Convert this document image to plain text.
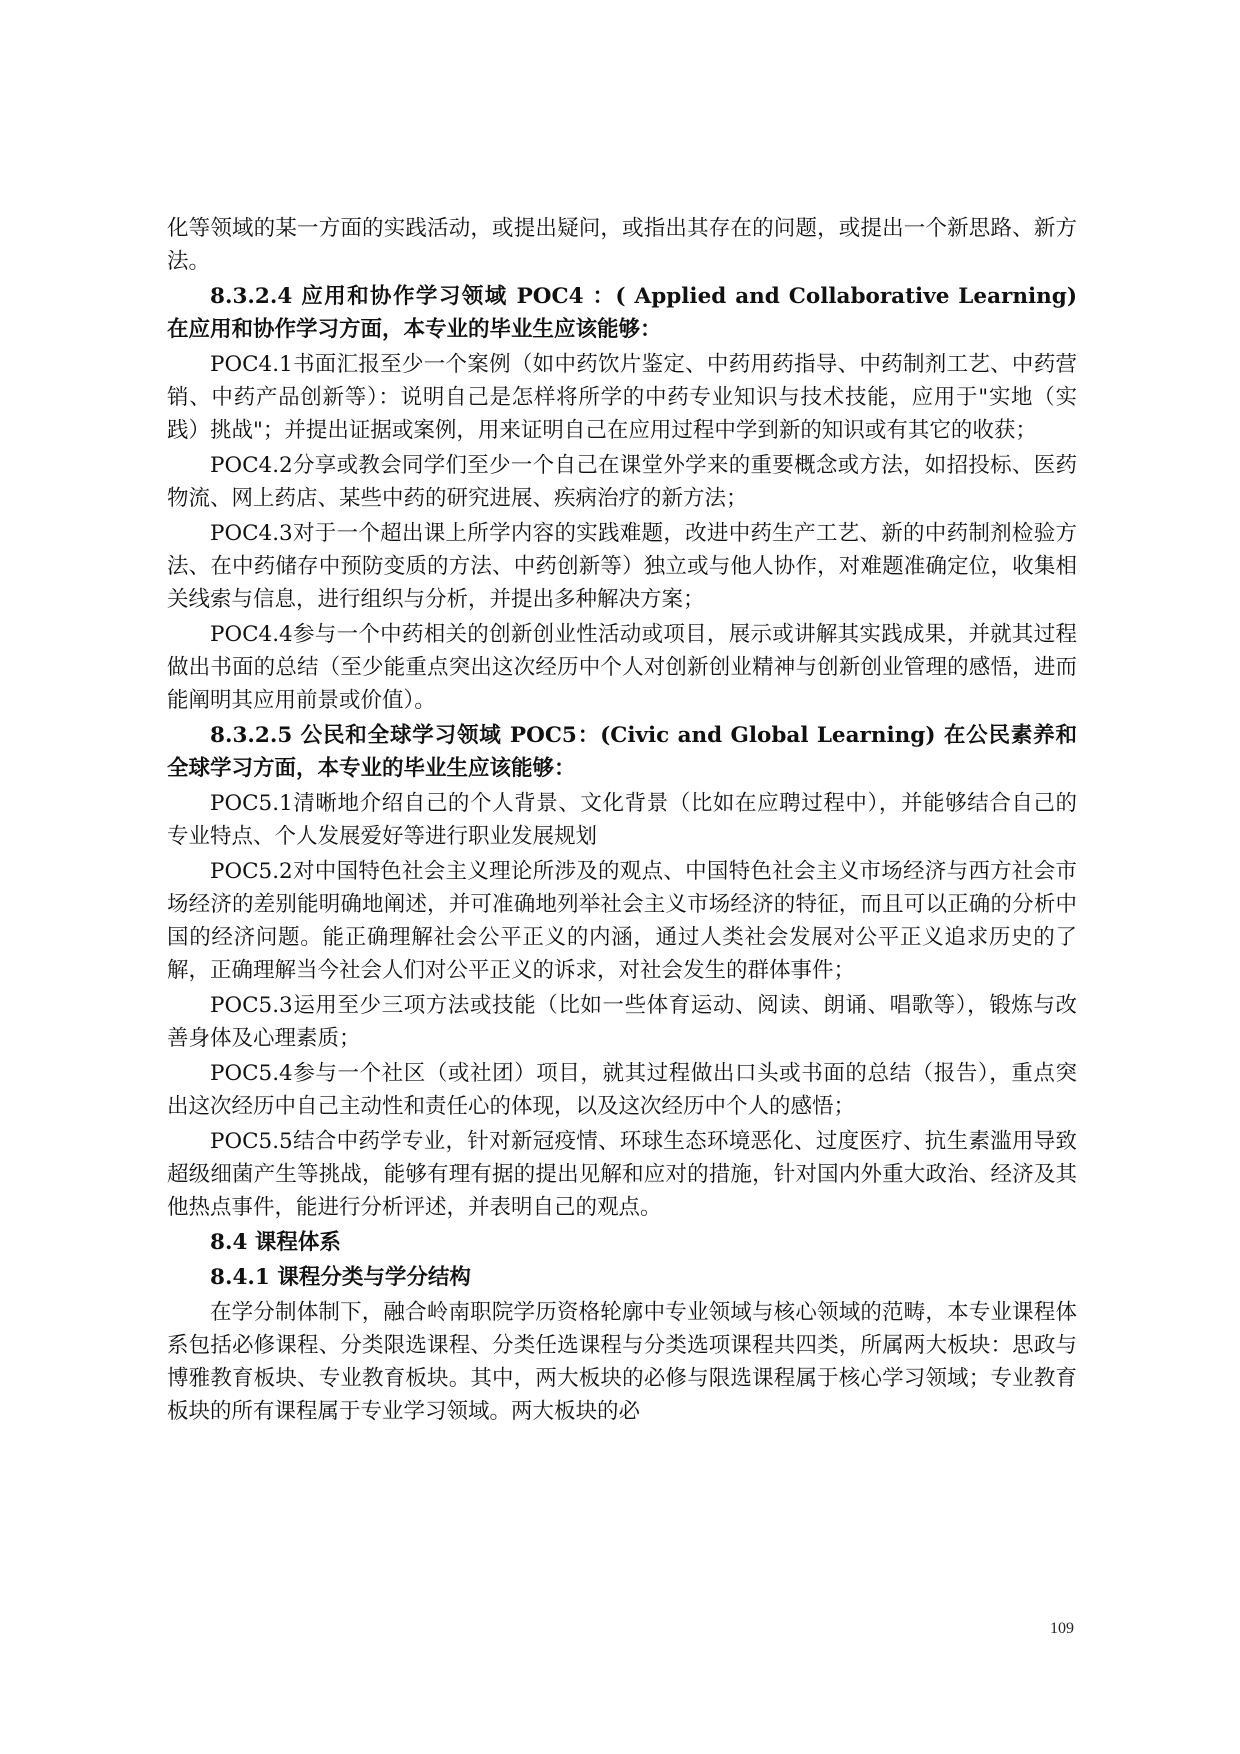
化等领域的某一方面的实践活动，或提出疑问，或指出其存在的问题，或提出一个新思路、新方法。

8.3.2.4 应用和协作学习领域 POC4 ：( Applied and Collaborative Learning) 在应用和协作学习方面，本专业的毕业生应该能够：

POC4.1书面汇报至少一个案例（如中药饮片鉴定、中药用药指导、中药制剂工艺、中药营销、中药产品创新等）：说明自己是怎样将所学的中药专业知识与技术技能，应用于"实地（实践）挑战"；并提出证据或案例，用来证明自己在应用过程中学到新的知识或有其它的收获；

POC4.2分享或教会同学们至少一个自己在课堂外学来的重要概念或方法，如招投标、医药物流、网上药店、某些中药的研究进展、疾病治疗的新方法；

POC4.3对于一个超出课上所学内容的实践难题，改进中药生产工艺、新的中药制剂检验方法、在中药储存中预防变质的方法、中药创新等）独立或与他人协作，对难题准确定位，收集相关线索与信息，进行组织与分析，并提出多种解决方案；

POC4.4参与一个中药相关的创新创业性活动或项目，展示或讲解其实践成果，并就其过程做出书面的总结（至少能重点突出这次经历中个人对创新创业精神与创新创业管理的感悟，进而能阐明其应用前景或价值）。

8.3.2.5 公民和全球学习领域 POC5：(Civic and Global Learning) 在公民素养和全球学习方面，本专业的毕业生应该能够：

POC5.1清晰地介绍自己的个人背景、文化背景（比如在应聘过程中），并能够结合自己的专业特点、个人发展爱好等进行职业发展规划

POC5.2对中国特色社会主义理论所涉及的观点、中国特色社会主义市场经济与西方社会市场经济的差别能明确地阐述，并可准确地列举社会主义市场经济的特征，而且可以正确的分析中国的经济问题。能正确理解社会公平正义的内涵，通过人类社会发展对公平正义追求历史的了解，正确理解当今社会人们对公平正义的诉求，对社会发生的群体事件；

POC5.3运用至少三项方法或技能（比如一些体育运动、阅读、朗诵、唱歌等），锻炼与改善身体及心理素质；

POC5.4参与一个社区（或社团）项目，就其过程做出口头或书面的总结（报告），重点突出这次经历中自己主动性和责任心的体现，以及这次经历中个人的感悟；

POC5.5结合中药学专业，针对新冠疫情、环球生态环境恶化、过度医疗、抗生素滥用导致超级细菌产生等挑战，能够有理有据的提出见解和应对的措施，针对国内外重大政治、经济及其他热点事件，能进行分析评述，并表明自己的观点。

8.4 课程体系

8.4.1 课程分类与学分结构

在学分制体制下，融合岭南职院学历资格轮廓中专业领域与核心领域的范畴，本专业课程体系包括必修课程、分类限选课程、分类任选课程与分类选项课程共四类，所属两大板块：思政与博雅教育板块、专业教育板块。其中，两大板块的必修与限选课程属于核心学习领域；专业教育板块的所有课程属于专业学习领域。两大板块的必

109
